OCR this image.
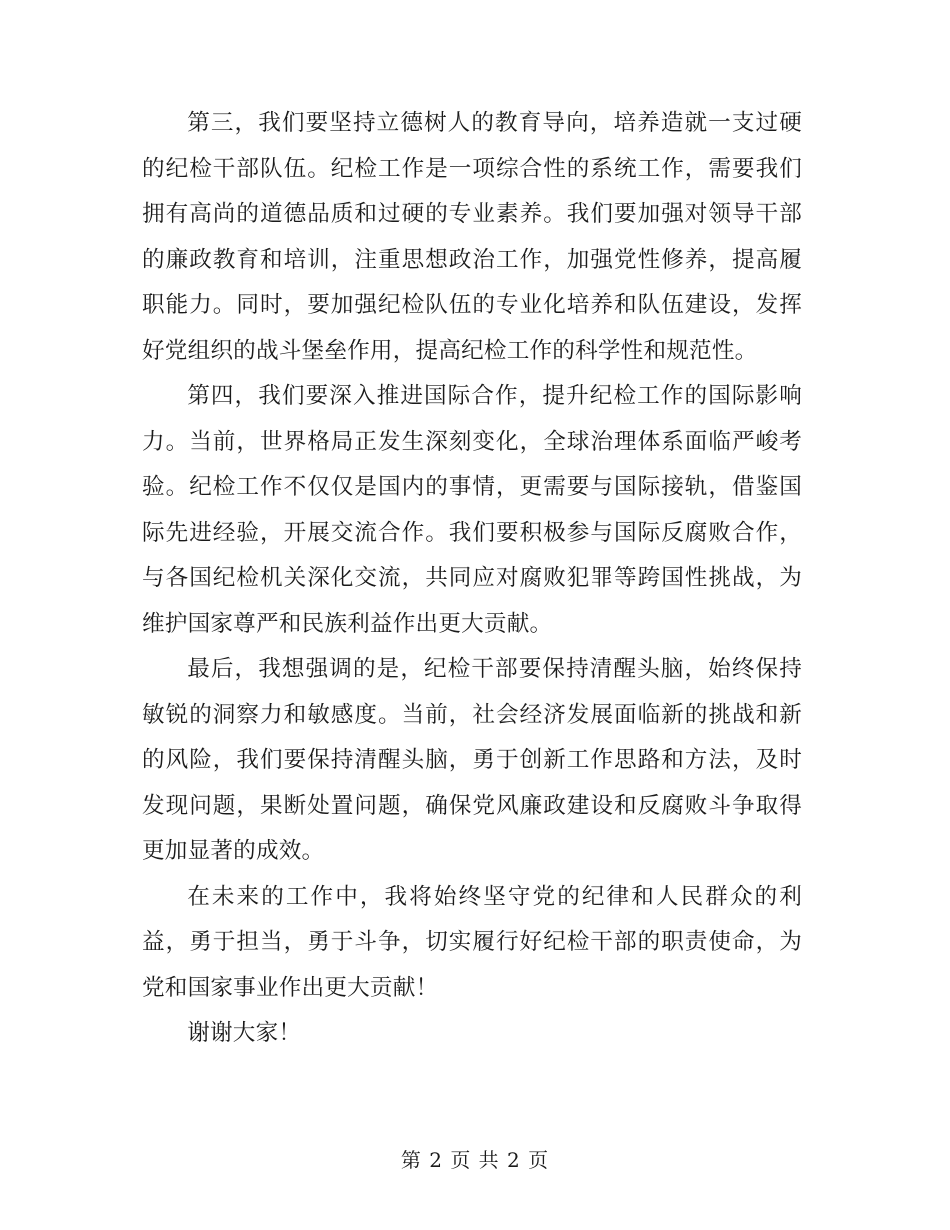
第三，我们要坚持立德树人的教育导向，培养造就一支过硬的纪检干部队伍。纪检工作是一项综合性的系统工作，需要我们拥有高尚的道德品质和过硬的专业素养。我们要加强对领导干部的廉政教育和培训，注重思想政治工作，加强党性修养，提高履职能力。同时，要加强纪检队伍的专业化培养和队伍建设，发挥好党组织的战斗堡垒作用，提高纪检工作的科学性和规范性。

第四，我们要深入推进国际合作，提升纪检工作的国际影响力。当前，世界格局正发生深刻变化，全球治理体系面临严峻考验。纪检工作不仅仅是国内的事情，更需要与国际接轨，借鉴国际先进经验，开展交流合作。我们要积极参与国际反腐败合作，与各国纪检机关深化交流，共同应对腐败犯罪等跨国性挑战，为维护国家尊严和民族利益作出更大贡献。

最后，我想强调的是，纪检干部要保持清醒头脑，始终保持敏锐的洞察力和敏感度。当前，社会经济发展面临新的挑战和新的风险，我们要保持清醒头脑，勇于创新工作思路和方法，及时发现问题，果断处置问题，确保党风廉政建设和反腐败斗争取得更加显著的成效。

在未来的工作中，我将始终坚守党的纪律和人民群众的利益，勇于担当，勇于斗争，切实履行好纪检干部的职责使命，为党和国家事业作出更大贡献！

谢谢大家！

第 2 页 共 2 页
